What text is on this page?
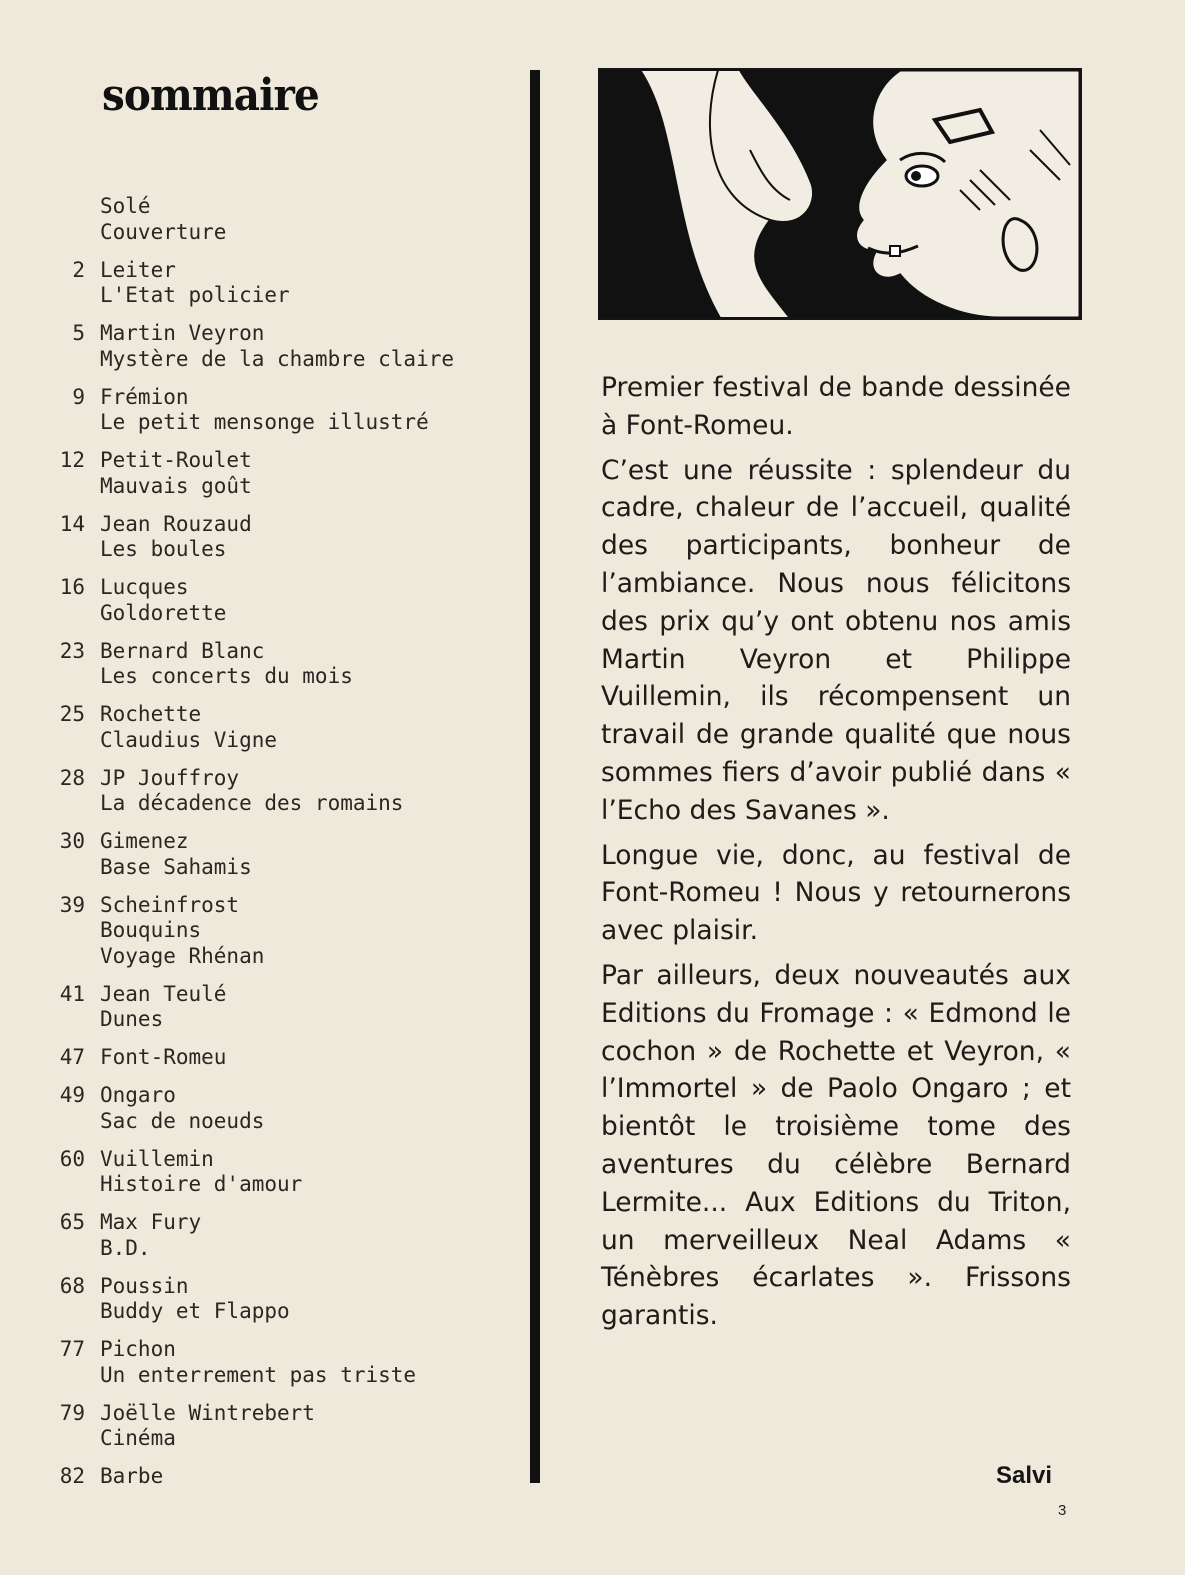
sommaire
Solé
Couverture
2 Leiter
L'Etat policier
5 Martin Veyron
Mystère de la chambre claire
9 Frémion
Le petit mensonge illustré
12 Petit-Roulet
Mauvais goût
14 Jean Rouzaud
Les boules
16 Lucques
Goldorette
23 Bernard Blanc
Les concerts du mois
25 Rochette
Claudius Vigne
28 JP Jouffroy
La décadence des romains
30 Gimenez
Base Sahamis
39 Scheinfrost
Bouquins
Voyage Rhénan
41 Jean Teulé
Dunes
47 Font-Romeu
49 Ongaro
Sac de noeuds
60 Vuillemin
Histoire d'amour
65 Max Fury
B.D.
68 Poussin
Buddy et Flappo
77 Pichon
Un enterrement pas triste
79 Joëlle Wintrebert
Cinéma
82 Barbe

Premier festival de bande dessinée à Font-Romeu.

C’est une réussite : splendeur du cadre, chaleur de l’accueil, qualité des participants, bonheur de l’ambiance. Nous nous félicitons des prix qu’y ont obtenu nos amis Martin Veyron et Philippe Vuillemin, ils récompensent un travail de grande qualité que nous sommes fiers d’avoir publié dans « l’Echo des Savanes ».

Longue vie, donc, au festival de Font-Romeu ! Nous y retournerons avec plaisir.

Par ailleurs, deux nouveautés aux Editions du Fromage : « Edmond le cochon » de Rochette et Veyron, « l’Immortel » de Paolo Ongaro ; et bientôt le troisième tome des aventures du célèbre Bernard Lermite... Aux Editions du Triton, un merveilleux Neal Adams « Ténèbres écarlates ». Frissons garantis.

Salvi
3
